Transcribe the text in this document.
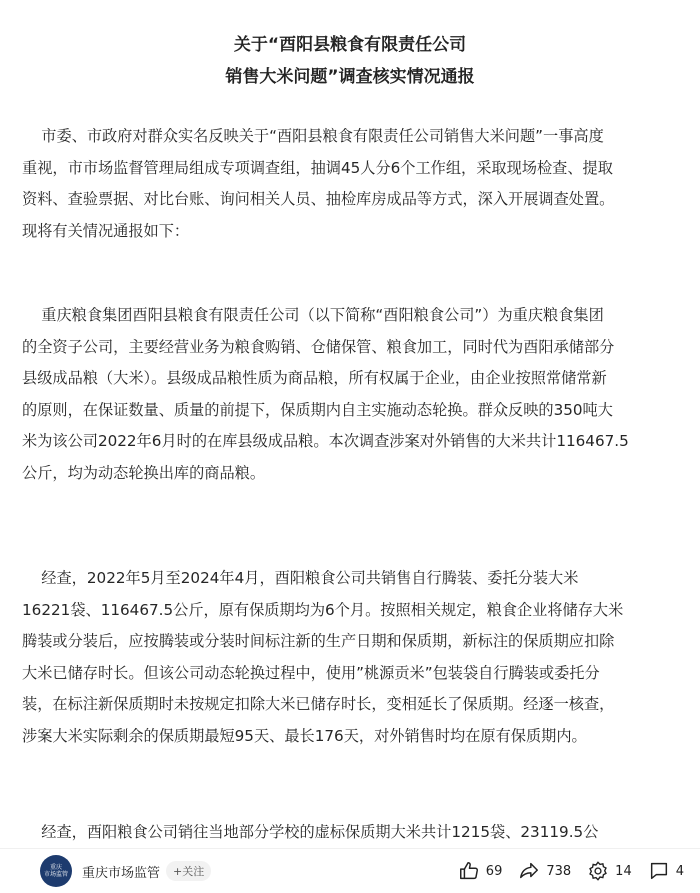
关于“酉阳县粮食有限责任公司
销售大米问题”调查核实情况通报
市委、市政府对群众实名反映关于“酉阳县粮食有限责任公司销售大米问题”一事高度
重视，市市场监督管理局组成专项调查组，抽调45人分6个工作组，采取现场检查、提取
资料、查验票据、对比台账、询问相关人员、抽检库房成品等方式，深入开展调查处置。
现将有关情况通报如下：
重庆粮食集团酉阳县粮食有限责任公司（以下简称“酉阳粮食公司”）为重庆粮食集团
的全资子公司，主要经营业务为粮食购销、仓储保管、粮食加工，同时代为酉阳承储部分
县级成品粮（大米）。县级成品粮性质为商品粮，所有权属于企业，由企业按照常储常新
的原则，在保证数量、质量的前提下，保质期内自主实施动态轮换。群众反映的350吨大
米为该公司2022年6月时的在库县级成品粮。本次调查涉案对外销售的大米共计116467.5
公斤，均为动态轮换出库的商品粮。
经查，2022年5月至2024年4月，酉阳粮食公司共销售自行腾装、委托分装大米
16221袋、116467.5公斤，原有保质期均为6个月。按照相关规定，粮食企业将储存大米
腾装或分装后，应按腾装或分装时间标注新的生产日期和保质期，新标注的保质期应扣除
大米已储存时长。但该公司动态轮换过程中，使用”桃源贡米”包装袋自行腾装或委托分
装，在标注新保质期时未按规定扣除大米已储存时长，变相延长了保质期。经逐一核查，
涉案大米实际剩余的保质期最短95天、最长176天，对外销售时均在原有保质期内。
经查，酉阳粮食公司销往当地部分学校的虚标保质期大米共计1215袋、23119.5公
重庆
市场监管 重庆市场监管	+关注	69	738	14	4
